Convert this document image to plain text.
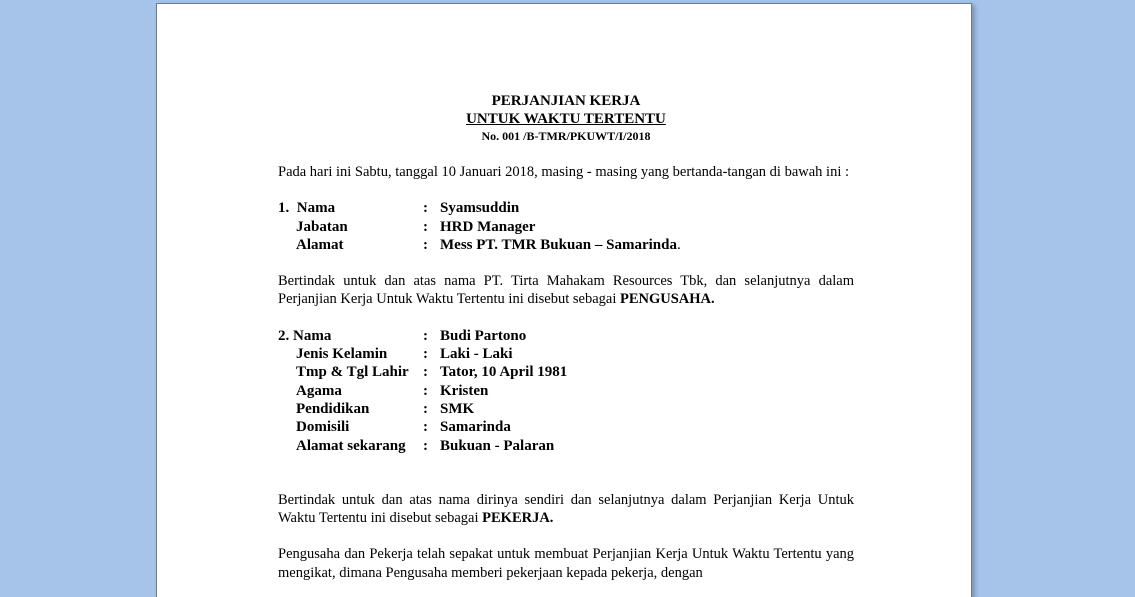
PERJANJIAN KERJA
UNTUK WAKTU TERTENTU
No. 001 /B-TMR/PKUWT/I/2018

Pada hari ini Sabtu, tanggal 10 Januari 2018, masing - masing yang bertanda-tangan di bawah ini :

1.  Nama	: Syamsuddin
Jabatan	: HRD Manager
Alamat	: Mess PT. TMR Bukuan – Samarinda.

Bertindak untuk dan atas nama PT. Tirta Mahakam Resources Tbk, dan selanjutnya dalam Perjanjian Kerja Untuk Waktu Tertentu ini disebut sebagai PENGUSAHA.

2. Nama	: Budi Partono
Jenis Kelamin	: Laki - Laki
Tmp & Tgl Lahir : Tator, 10 April 1981
Agama	: Kristen
Pendidikan	: SMK
Domisili	: Samarinda
Alamat sekarang	: Bukuan - Palaran

Bertindak untuk dan atas nama dirinya sendiri dan selanjutnya dalam Perjanjian Kerja Untuk Waktu Tertentu ini disebut sebagai PEKERJA.

Pengusaha dan Pekerja telah sepakat untuk membuat Perjanjian Kerja Untuk Waktu Tertentu yang mengikat, dimana Pengusaha memberi pekerjaan kepada pekerja, dengan
